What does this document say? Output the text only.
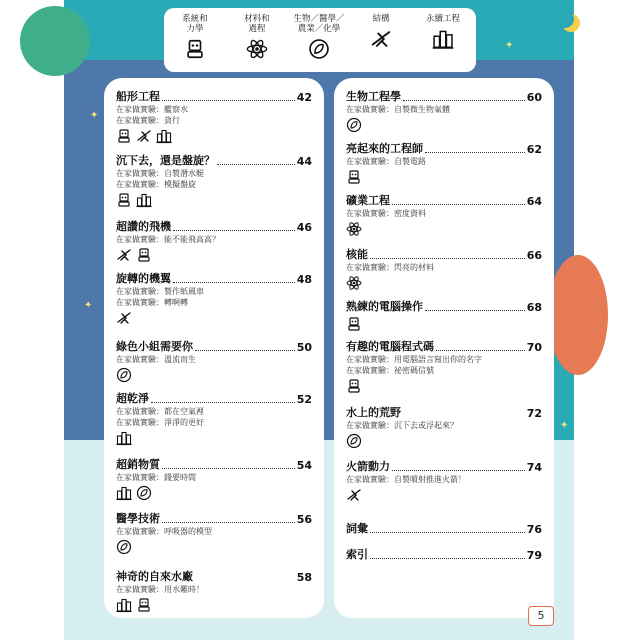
✦
✦
✦
✦
系統和
力學
材料和
過程
生物／醫學／
農業／化學
結構	永續工程
船形工程	42
在家做實驗：艦察水
在家做實驗：貨行
沉下去，還是盤旋？	44
在家做實驗：自製潛水艇
在家做實驗：模擬盤旋
超讚的飛機	46
在家做實驗：能不能飛高高？
旋轉的機翼	48
在家做實驗：製作紙風車
在家做實驗：轉啊轉
綠色小組需要你	50
在家做實驗：溫流而生
超乾淨	52
在家做實驗：都在空氣裡
在家做實驗：淨淨的更好
超銷物質	54
在家做實驗：錢要時間
醫學技術	56
在家做實驗：呼吸器的模型
神奇的自來水廠	58
在家做實驗：用水難時！
生物工程學	60
在家做實驗：自製微生物氣體
亮起來的工程師	62
在家做實驗：自製電路
礦業工程	64
在家做實驗：密度資料
核能	66
在家做實驗：閃亮的材料
熟練的電腦操作	68
有趣的電腦程式碼	70
在家做實驗：用電腦語言寫出你的名字
在家做實驗：祕密碼信號
水上的荒野	72
在家做實驗：沉下去或浮起來？
火箭動力	74
在家做實驗：自製噴射推進火箭！
詞彙	76
索引	79
5
